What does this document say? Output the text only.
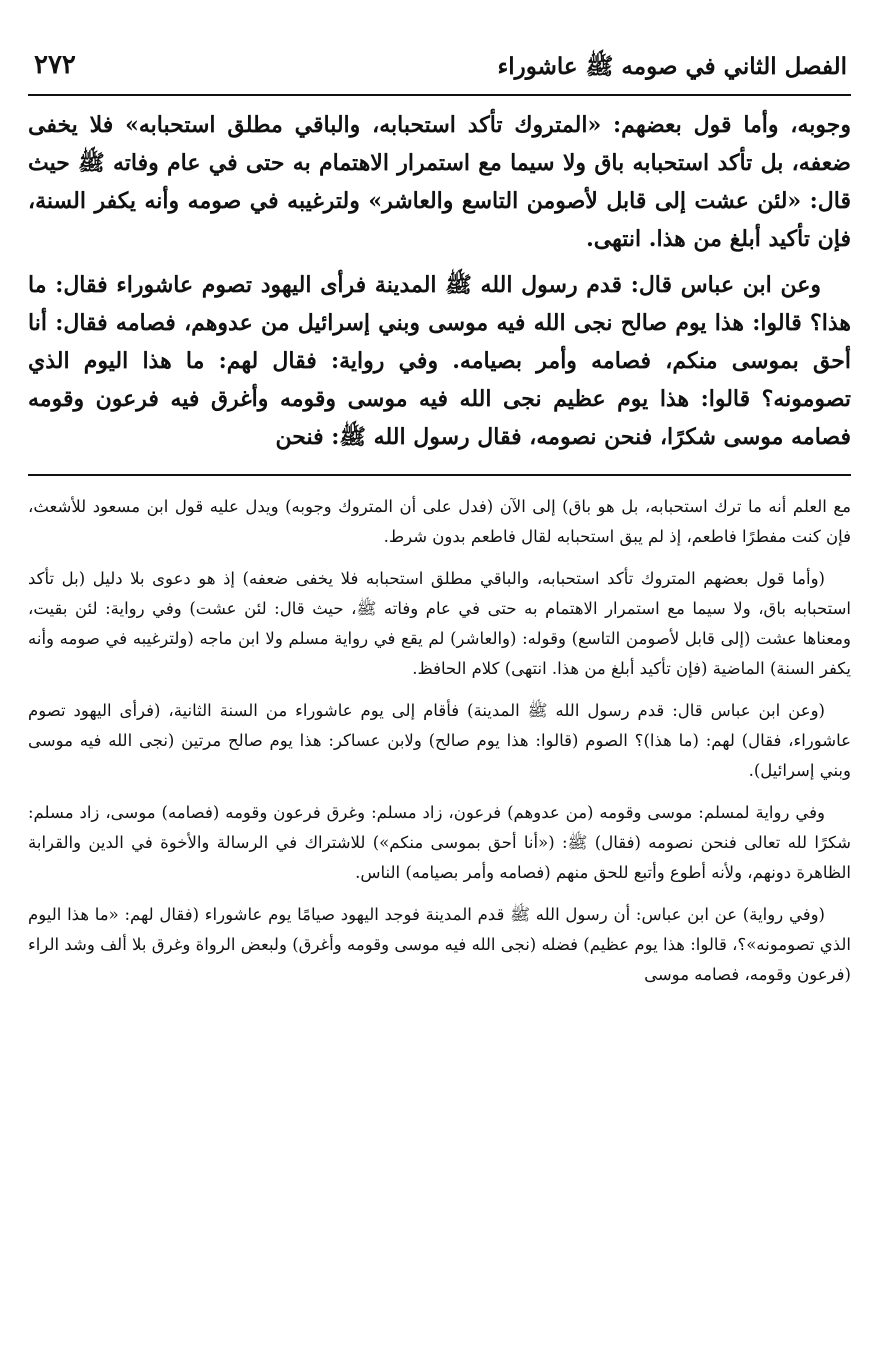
الفصل الثاني في صومه ﷺ عاشوراء
٢٧٢

وجوبه، وأما قول بعضهم: «المتروك تأكد استحبابه، والباقي مطلق استحبابه» فلا يخفى ضعفه، بل تأكد استحبابه باق ولا سيما مع استمرار الاهتمام به حتى في عام وفاته ﷺ حيث قال: «لئن عشت إلى قابل لأصومن التاسع والعاشر» ولترغيبه في صومه وأنه يكفر السنة، فإن تأكيد أبلغ من هذا. انتهى.

وعن ابن عباس قال: قدم رسول الله ﷺ المدينة فرأى اليهود تصوم عاشوراء فقال: ما هذا؟ قالوا: هذا يوم صالح نجى الله فيه موسى وبني إسرائيل من عدوهم، فصامه فقال: أنا أحق بموسى منكم، فصامه وأمر بصيامه. وفي رواية: فقال لهم: ما هذا اليوم الذي تصومونه؟ قالوا: هذا يوم عظيم نجى الله فيه موسى وقومه وأغرق فيه فرعون وقومه فصامه موسى شكرًا، فنحن نصومه، فقال رسول الله ﷺ: فنحن

مع العلم أنه ما ترك استحبابه، بل هو باق) إلى الآن (فدل على أن المتروك وجوبه) ويدل عليه قول ابن مسعود للأشعث، فإن كنت مفطرًا فاطعم، إذ لم يبق استحبابه لقال فاطعم بدون شرط.

(وأما قول بعضهم المتروك تأكد استحبابه، والباقي مطلق استحبابه فلا يخفى ضعفه) إذ هو دعوى بلا دليل (بل تأكد استحبابه باق، ولا سيما مع استمرار الاهتمام به حتى في عام وفاته ﷺ، حيث قال: لئن عشت) وفي رواية: لئن بقيت، ومعناها عشت (إلى قابل لأصومن التاسع) وقوله: (والعاشر) لم يقع في رواية مسلم ولا ابن ماجه (ولترغيبه في صومه وأنه يكفر السنة) الماضية (فإن تأكيد أبلغ من هذا. انتهى) كلام الحافظ.

(وعن ابن عباس قال: قدم رسول الله ﷺ المدينة) فأقام إلى يوم عاشوراء من السنة الثانية، (فرأى اليهود تصوم عاشوراء، فقال) لهم: (ما هذا)؟ الصوم (قالوا: هذا يوم صالح) ولابن عساكر: هذا يوم صالح مرتين (نجى الله فيه موسى وبني إسرائيل).

وفي رواية لمسلم: موسى وقومه (من عدوهم) فرعون، زاد مسلم: وغرق فرعون وقومه (فصامه) موسى، زاد مسلم: شكرًا لله تعالى فنحن نصومه (فقال) ﷺ: («أنا أحق بموسى منكم») للاشتراك في الرسالة والأخوة في الدين والقرابة الظاهرة دونهم، ولأنه أطوع وأتبع للحق منهم (فصامه وأمر بصيامه) الناس.

(وفي رواية) عن ابن عباس: أن رسول الله ﷺ قدم المدينة فوجد اليهود صيامًا يوم عاشوراء (فقال لهم: «ما هذا اليوم الذي تصومونه»؟، قالوا: هذا يوم عظيم) فضله (نجى الله فيه موسى وقومه وأغرق) ولبعض الرواة وغرق بلا ألف وشد الراء (فرعون وقومه، فصامه موسى
